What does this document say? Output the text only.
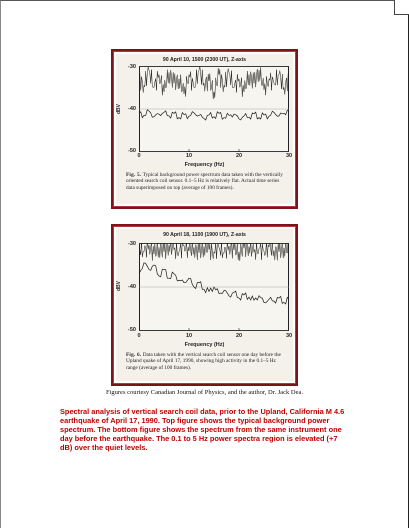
90 April 10, 1500 (2300 UT), Z-axis
dBV
-30
-40
-50
0	10	20	30
Frequency (Hz)
Fig. 5. Typical background power spectrum data taken with the vertically oriented search coil sensor. 0.1–5 Hz is relatively flat. Actual time series data superimposed on top (average of 100 frames).
90 April 18, 1100 (1900 UT), Z-axis
dBV
-30
-40
-50
0	10	20	30
Frequency (Hz)
Fig. 6. Data taken with the vertical search coil sensor one day before the Upland quake of April 17, 1990, showing high activity in the 0.1–5 Hz range (average of 100 frames).
Figures courtesy Canadian Journal of Physics, and the author, Dr. Jack Dea.
Spectral analysis of vertical search coil data, prior to the Upland, California M 4.6 earthquake of April 17, 1990. Top figure shows the typical background power spectrum. The bottom figure shows the spectrum from the same instrument one day before the earthquake. The 0.1 to 5 Hz power spectra region is elevated (+7 dB) over the quiet levels.
